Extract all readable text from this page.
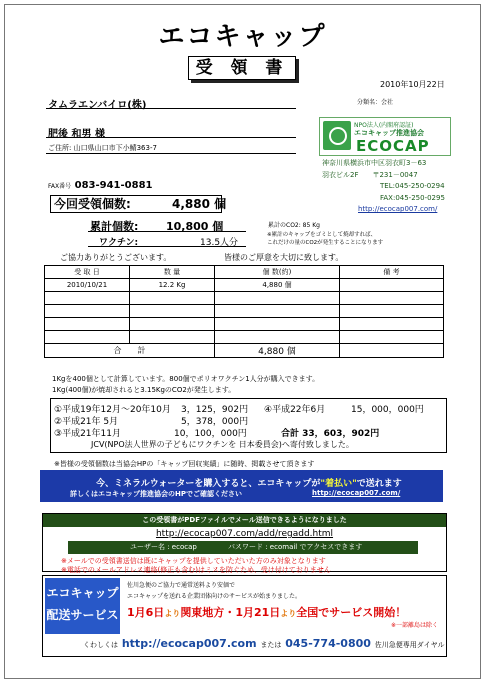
エコキャップ
受 領 書
2010年10月22日
タムラエンバイロ(株)	分類名：会社
肥後 和男 様
ご住所: 山口県山口市下小鯖363-7
FAX番号 083-941-0881
NPO法人(内閣府認証)
エコキャップ推進協会
ECOCAP
神奈川県横浜市中区羽衣町3－63
羽衣ビル2F　　〒231－0047
TEL:045-250-0294
FAX:045-250-0295
http://ecocap007.com/
今回受領個数:	4,880 個
累計個数:	10,800 個
ワクチン:	13.5人分
累計のCO2: 85 Kg
※累計のキャップをゴミとして焼却すれば、
これだけの量のCO2が発生することになります
ご協力ありがとうございます。	皆様のご厚意を大切に致します。
受 取 日	数 量	個 数(約)	備 考
2010/10/21	12.2 Kg	4,880 個	

合　　計		4,880 個	
1Kgを400個として計算しています。800個でポリオワクチン1人分が購入できます。
1Kg(400個)が焼却されると3.15KgのCO2が発生します。
①平成19年12月～20年10月 3，125，902円 ④平成22年6月	15，000，000円
②平成21年 5月	5，378，000円
③平成21年11月	10，100，000円	合計 33，603，902円
JCV(NPO法人世界の子どもにワクチンを 日本委員会)へ寄付致しました。
※皆様の受領個数は当協会HPの「キャップ回収実績」に随時、掲載させて頂きます
今、ミネラルウォーターを購入すると、エコキャップが"着払い"で送れます
詳しくはエコキャップ推進協会のHPでご確認ください	http://ecocap007.com/
この受領書がPDFファイルでメール送信できるようになりました
http://ecocap007.com/add/regadd.html
ユーザー名 : ecocap	パスワード : ecomail でアクセスできます
※メールでの受領書送信は既にキャップを提供していただいた方のみ対象となります
※電話でのメールアドレス連絡(修正も含む)はミスを防ぐため、受け付けておりません
エコキャップ
配送サービス
佐川急便のご協力で通常送料より安価で
エコキャップを送れる企業団体向けのサービスが始まりました。
1月6日より関東地方・1月21日より全国でサービス開始！
※一部離島は除く
くわしくは http://ecocap007.com または 045-774-0800 佐川急便専用ダイヤル
